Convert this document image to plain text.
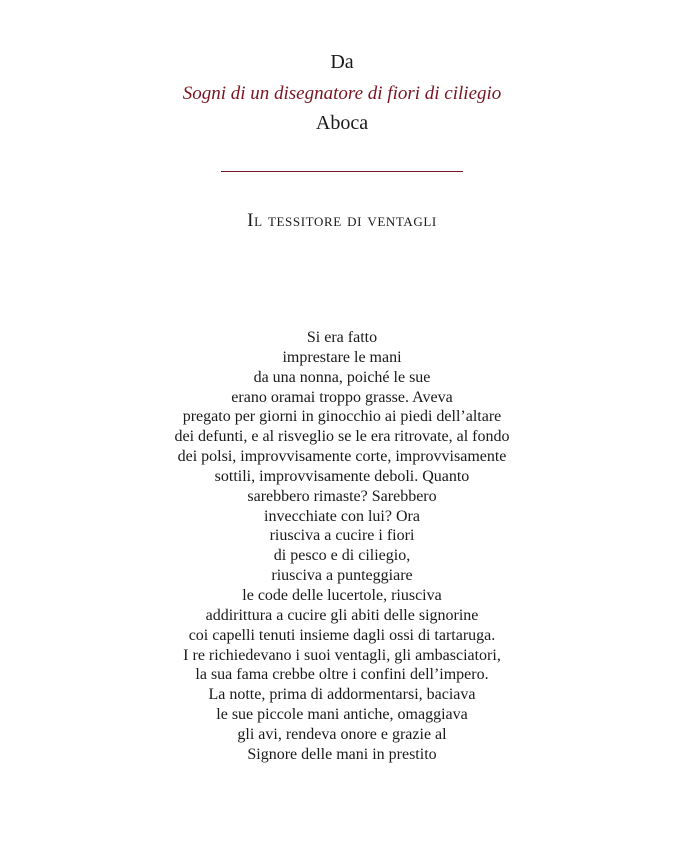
Da
Sogni di un disegnatore di fiori di ciliegio
Aboca
Il tessitore di ventagli
Si era fatto
imprestare le mani
da una nonna, poiché le sue
erano oramai troppo grasse. Aveva
pregato per giorni in ginocchio ai piedi dell’altare
dei defunti, e al risveglio se le era ritrovate, al fondo
dei polsi, improvvisamente corte, improvvisamente
sottili, improvvisamente deboli. Quanto
sarebbero rimaste? Sarebbero
invecchiate con lui? Ora
riusciva a cucire i fiori
di pesco e di ciliegio,
riusciva a punteggiare
le code delle lucertole, riusciva
addirittura a cucire gli abiti delle signorine
coi capelli tenuti insieme dagli ossi di tartaruga.
I re richiedevano i suoi ventagli, gli ambasciatori,
la sua fama crebbe oltre i confini dell’impero.
La notte, prima di addormentarsi, baciava
le sue piccole mani antiche, omaggiava
gli avi, rendeva onore e grazie al
Signore delle mani in prestito
